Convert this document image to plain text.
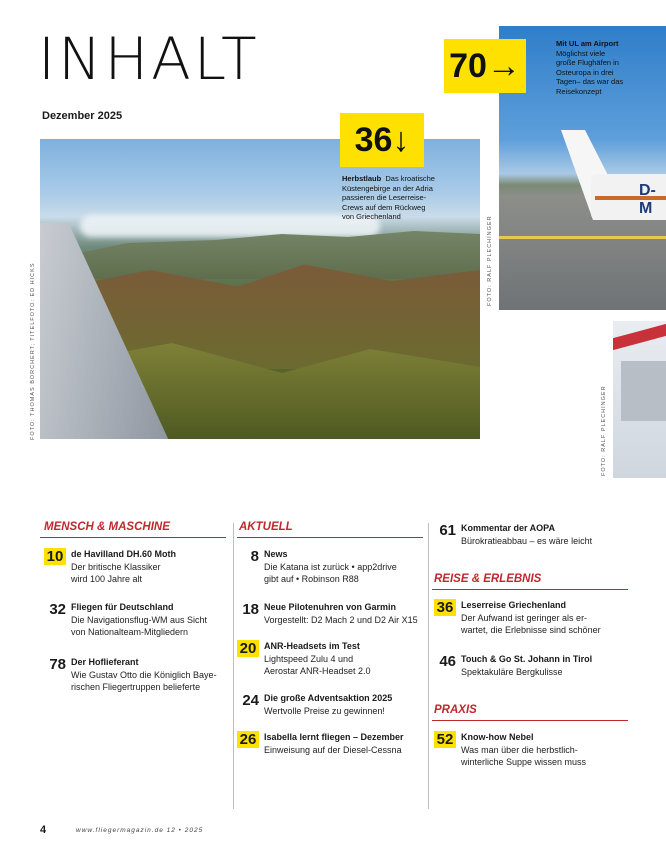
INHALT
Dezember 2025
D-M
FOTO: THOMAS BORCHERT; TITELFOTO: ED HICKS
FOTO: RALF PLECHINGER
FOTO: RALF PLECHINGER
70 →
Mit UL am Airport
Möglichst viele
große Flughäfen in
Osteuropa in drei
Tagen– das war das
Reisekonzept
36 ↓
Herbstlaub Das kroatische
Küstengebirge an der Adria
passieren die Leserreise-
Crews auf dem Rückweg
von Griechenland
MENSCH & MASCHINE
10 de Havilland DH.60 Moth
Der britische Klassiker
wird 100 Jahre alt
32 Fliegen für Deutschland
Die Navigationsflug-WM aus Sicht
von Nationalteam-Mitgliedern
78 Der Hoflieferant
Wie Gustav Otto die Königlich Baye-
rischen Fliegertruppen belieferte
AKTUELL
8 News
Die Katana ist zurück • app2drive
gibt auf • Robinson R88
18 Neue Pilotenuhren von Garmin
Vorgestellt: D2 Mach 2 und D2 Air X15
20 ANR-Headsets im Test
Lightspeed Zulu 4 und
Aerostar ANR-Headset 2.0
24 Die große Adventsaktion 2025
Wertvolle Preise zu gewinnen!
26 Isabella lernt fliegen – Dezember
Einweisung auf der Diesel-Cessna
61 Kommentar der AOPA
Bürokratieabbau – es wäre leicht
REISE & ERLEBNIS
36 Leserreise Griechenland
Der Aufwand ist geringer als er-
wartet, die Erlebnisse sind schöner
46 Touch & Go St. Johann in Tirol
Spektakuläre Bergkulisse
PRAXIS
52 Know-how Nebel
Was man über die herbstlich-
winterliche Suppe wissen muss
4	www.fliegermagazin.de 12 • 2025
